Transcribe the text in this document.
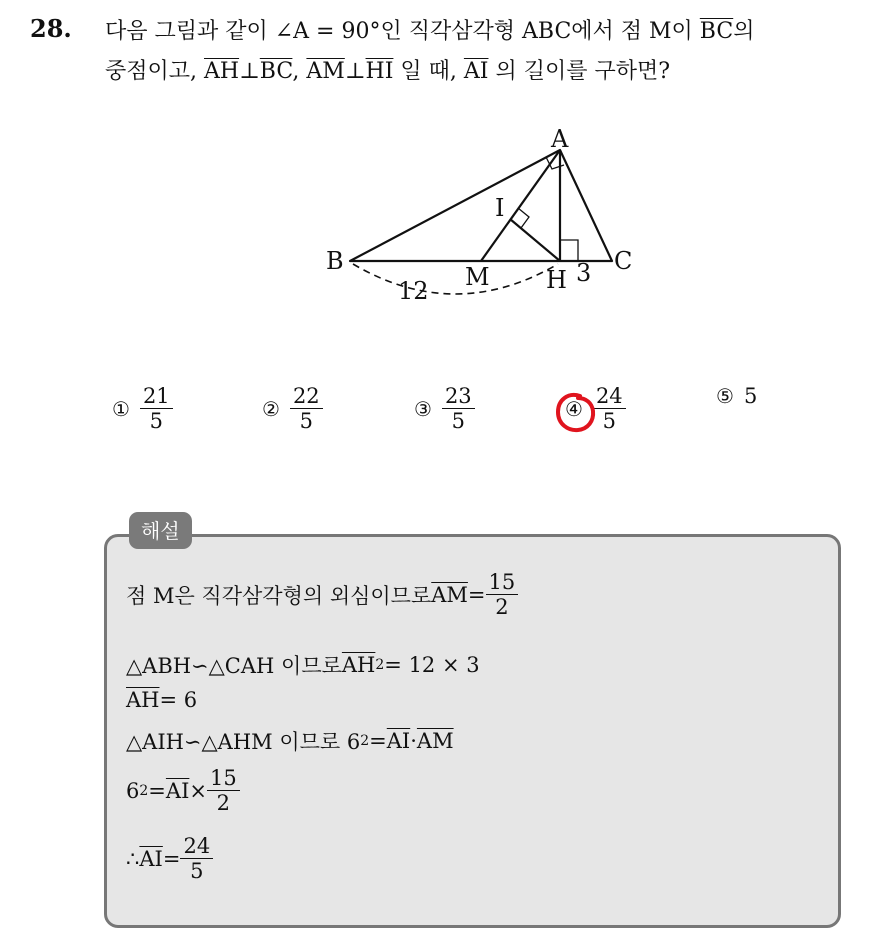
28. 다음 그림과 같이 ∠A = 90°인 직각삼각형 ABC에서 점 M이 $\overline{BC}$의
중점이고, $\overline{AH}\perp\overline{BC}$, $\overline{AM}\perp\overline{HI}$ 일 때, $\overline{AI}$ 의 길이를 구하면?
A
B	C
I
M H
12
3
① $\frac{21}{5}$	② $\frac{22}{5}$	③ $\frac{23}{5}$	④ $\frac{24}{5}$	⑤ 5
해설
점 M은 직각삼각형의 외심이므로 $\overline{AM} = \frac{15}{2}$
△ABH∽△CAH 이므로 $\overline{AH}$ 2 = 12 × 3
$\overline{AH} = 6$
△AIH∽△AHM 이므로 6 $2 = \overline{AI} \cdot \overline{AM}$
6 $2 = \overline{AI} \times \frac{15}{2}$
∴ $\overline{AI} = \frac{24}{5}$
